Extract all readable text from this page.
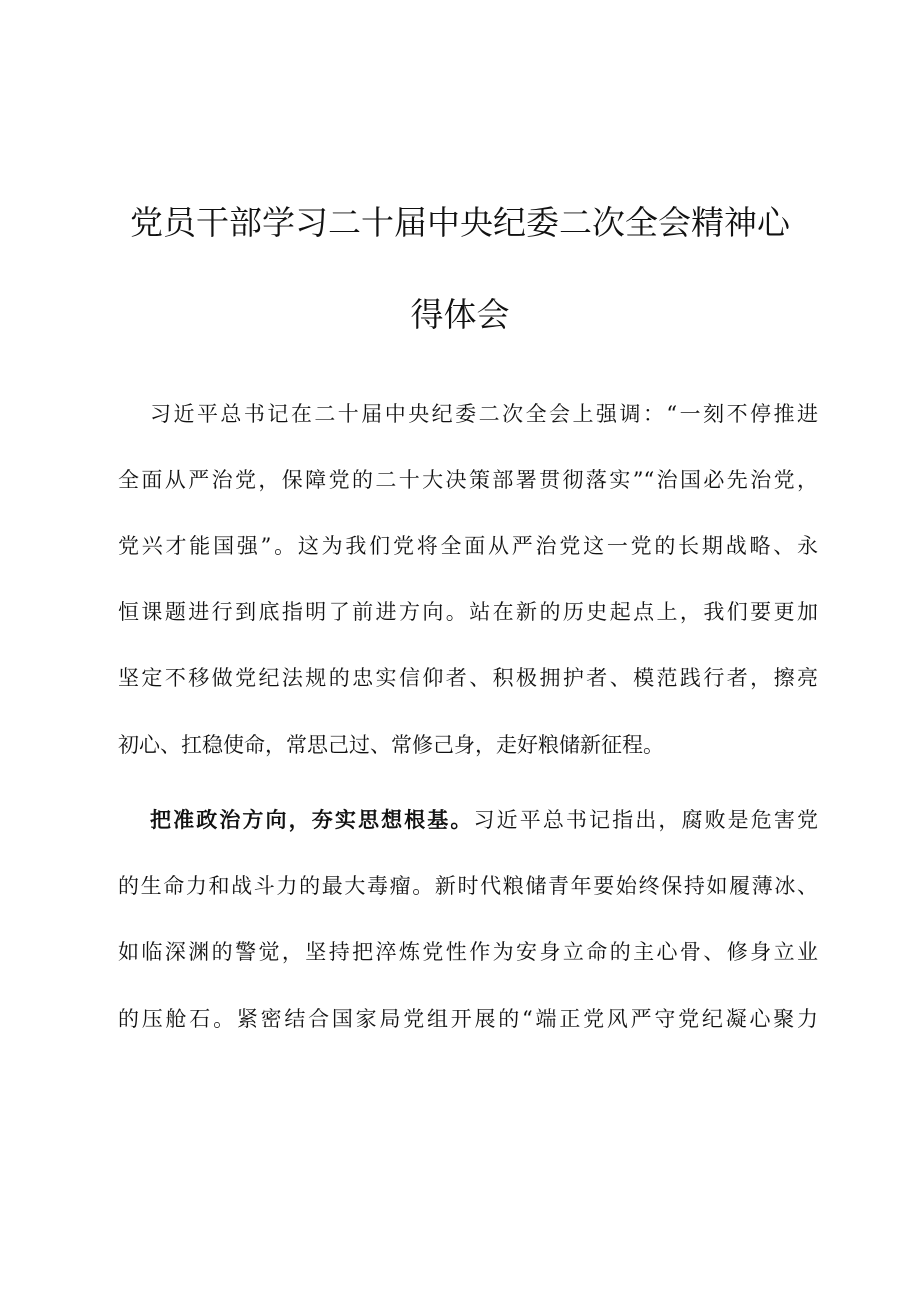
党员干部学习二十届中央纪委二次全会精神心
得体会
习近平总书记在二十届中央纪委二次全会上强调：“一刻不停推进
全面从严治党，保障党的二十大决策部署贯彻落实”“治国必先治党，
党兴才能国强”。这为我们党将全面从严治党这一党的长期战略、永
恒课题进行到底指明了前进方向。站在新的历史起点上，我们要更加
坚定不移做党纪法规的忠实信仰者、积极拥护者、模范践行者，擦亮
初心、扛稳使命，常思己过、常修己身，走好粮储新征程。
把准政治方向，夯实思想根基。习近平总书记指出，腐败是危害党
的生命力和战斗力的最大毒瘤。新时代粮储青年要始终保持如履薄冰、
如临深渊的警觉，坚持把淬炼党性作为安身立命的主心骨、修身立业
的压舱石。紧密结合国家局党组开展的“端正党风严守党纪凝心聚力
